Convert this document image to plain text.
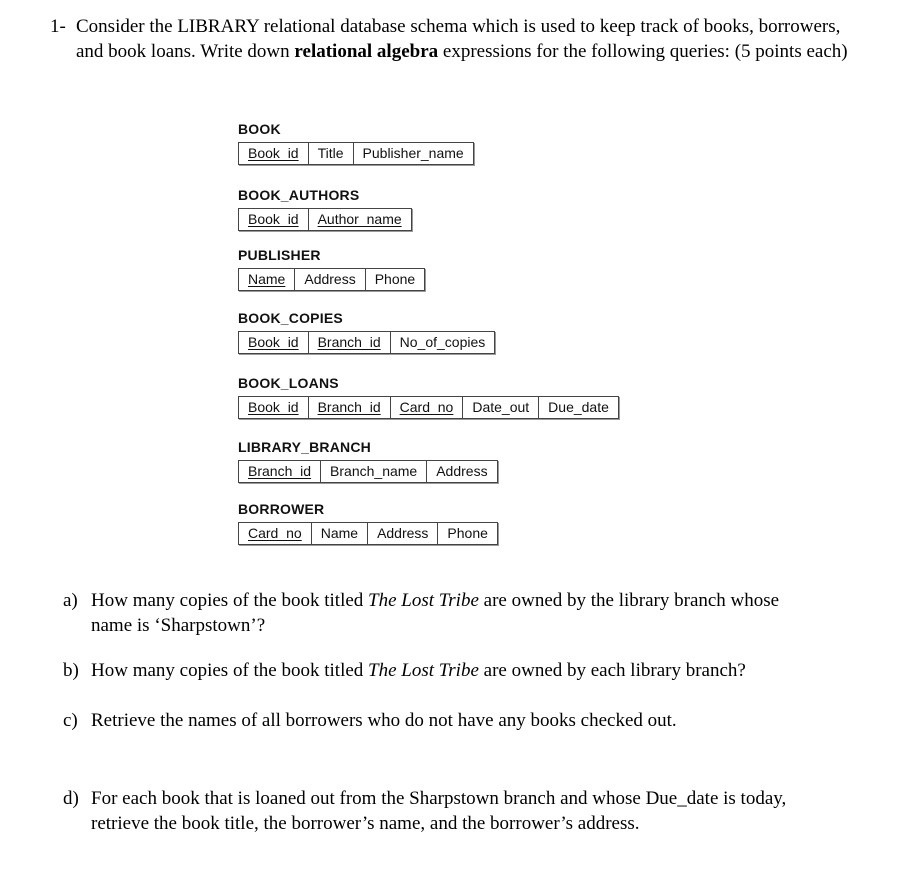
1- Consider the LIBRARY relational database schema which is used to keep track of books, borrowers, and book loans. Write down relational algebra expressions for the following queries: (5 points each)
BOOK
Book_id	Title	Publisher_name
BOOK_AUTHORS
Book_id	Author_name
PUBLISHER
Name	Address	Phone
BOOK_COPIES
Book_id	Branch_id	No_of_copies
BOOK_LOANS
Book_id	Branch_id	Card_no	Date_out	Due_date
LIBRARY_BRANCH
Branch_id	Branch_name	Address
BORROWER
Card_no	Name	Address	Phone
a) How many copies of the book titled The Lost Tribe are owned by the library branch whose name is ‘Sharpstown’?
b) How many copies of the book titled The Lost Tribe are owned by each library branch?
c) Retrieve the names of all borrowers who do not have any books checked out.
d) For each book that is loaned out from the Sharpstown branch and whose Due_date is today, retrieve the book title, the borrower’s name, and the borrower’s address.
